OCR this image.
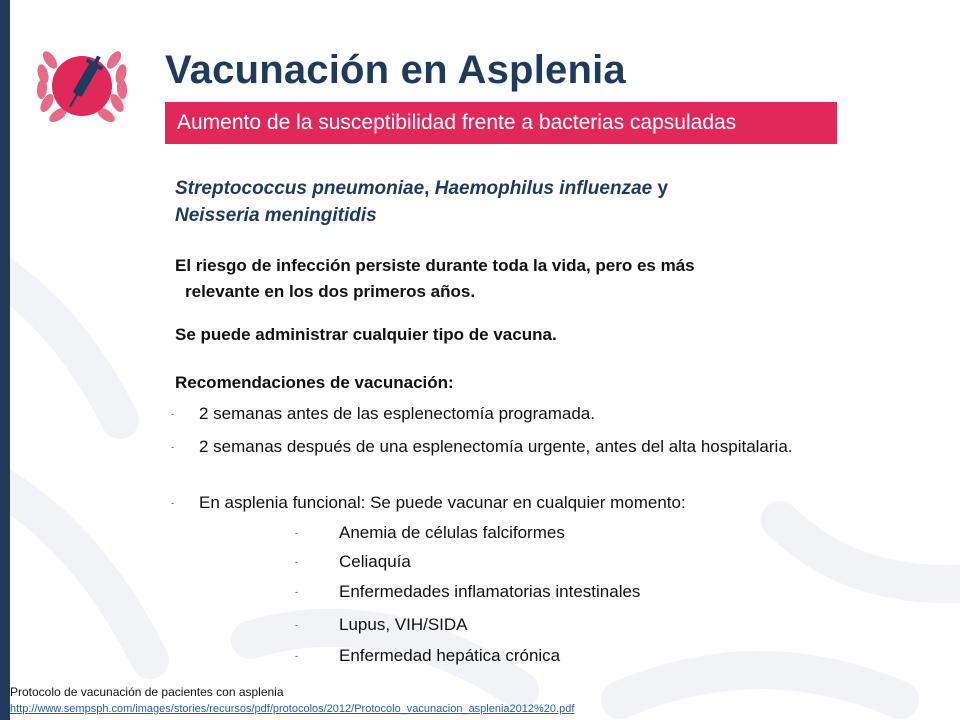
Vacunación en Asplenia
Aumento de la susceptibilidad frente a bacterias capsuladas
Streptococcus pneumoniae, Haemophilus influenzae y
Neisseria meningitidis
El riesgo de infección persiste durante toda la vida, pero es más
relevante en los dos primeros años.
Se puede administrar cualquier tipo de vacuna.
Recomendaciones de vacunación:
-	2 semanas antes de las esplenectomía programada.
-	2 semanas después de una esplenectomía urgente, antes del alta hospitalaria.
-	En asplenia funcional: Se puede vacunar en cualquier momento:
-	Anemia de células falciformes
-	Celiaquía
-	Enfermedades inflamatorias intestinales
-	Lupus, VIH/SIDA
-	Enfermedad hepática crónica
Protocolo de vacunación de pacientes con asplenia
http://www.sempsph.com/images/stories/recursos/pdf/protocolos/2012/Protocolo_vacunacion_asplenia2012%20.pdf
